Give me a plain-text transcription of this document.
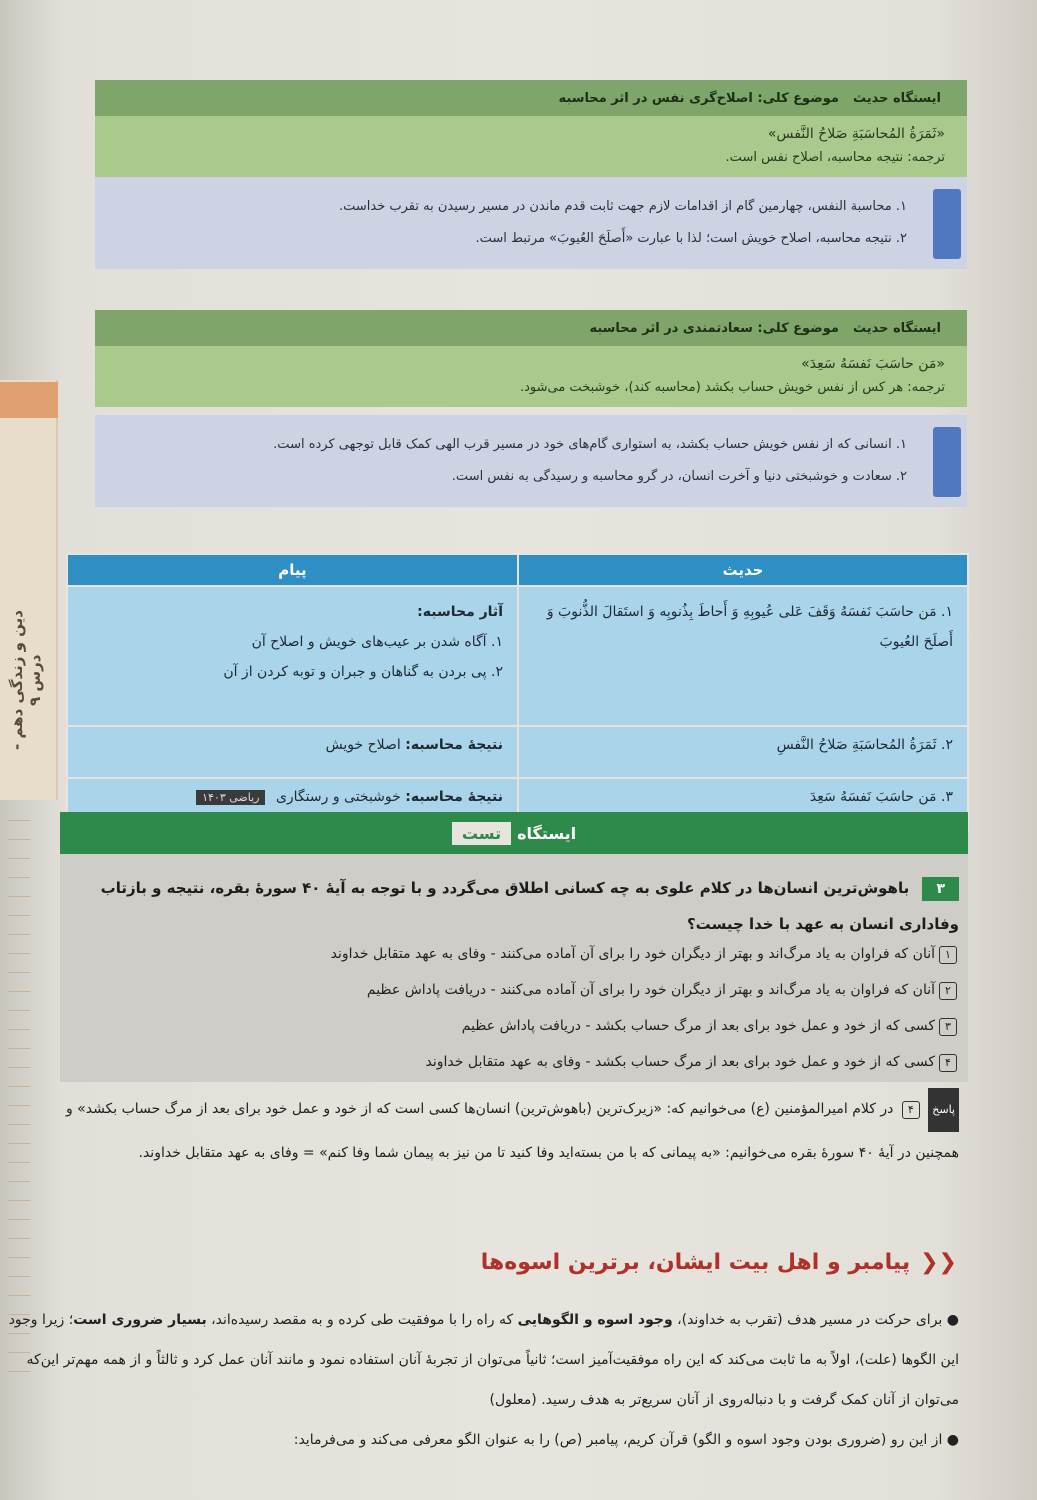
دین و زندگی دهم - درس ۹
ایستگاه حدیث
موضوع کلی: اصلاح‌گری نفس در اثر محاسبه
«ثَمَرَةُ المُحاسَبَةِ صَلاحُ النَّفس»
ترجمه: نتیجه محاسبه، اصلاح نفس است.
۱. محاسبة النفس، چهارمین گام از اقدامات لازم جهت ثابت قدم ماندن در مسیر رسیدن به تقرب خداست.
۲. نتیجه محاسبه، اصلاح خویش است؛ لذا با عبارت «أَصلَحَ العُیوبَ» مرتبط است.
ایستگاه حدیث
موضوع کلی: سعادتمندی در اثر محاسبه
«مَن حاسَبَ نَفسَهُ سَعِدَ»
ترجمه: هر کس از نفس خویش حساب بکشد (محاسبه کند)، خوشبخت می‌شود.
۱. انسانی که از نفس خویش حساب بکشد، به استواری گام‌های خود در مسیر قرب الهی کمک قابل توجهی کرده است.
۲. سعادت و خوشبختی دنیا و آخرت انسان، در گرو محاسبه و رسیدگی به نفس است.
حدیث	پیام
۱. مَن حاسَبَ نَفسَهُ وَقَفَ عَلی عُیوبِهِ وَ أَحاطَ بِذُنوبِه وَ استَقالَ الذُّنوبَ وَ أَصلَحَ العُیوبَ	آثار محاسبه:
۱. آگاه شدن بر عیب‌های خویش و اصلاح آن
۲. پی بردن به گناهان و جبران و توبه کردن از آن

۲. ثَمَرَةُ المُحاسَبَةِ صَلاحُ النَّفسِ	نتیجهٔ محاسبه: اصلاح خویش
۳. مَن حاسَبَ نَفسَهُ سَعِدَ	نتیجهٔ محاسبه: خوشبختی و رستگاری ریاضی ۱۴۰۳
ایستگاه
تست
۳ باهوش‌ترین انسان‌ها در کلام علوی به چه کسانی اطلاق می‌گردد و با توجه به آیهٔ ۴۰ سورهٔ بقره، نتیجه و بازتاب وفاداری انسان به عهد با خدا چیست؟
۱آنان که فراوان به یاد مرگ‌اند و بهتر از دیگران خود را برای آن آماده می‌کنند - وفای به عهد متقابل خداوند
۲آنان که فراوان به یاد مرگ‌اند و بهتر از دیگران خود را برای آن آماده می‌کنند - دریافت پاداش عظیم
۳کسی که از خود و عمل خود برای بعد از مرگ حساب بکشد - دریافت پاداش عظیم
۴کسی که از خود و عمل خود برای بعد از مرگ حساب بکشد - وفای به عهد متقابل خداوند
پاسخ ۴ در کلام امیرالمؤمنین (ع) می‌خوانیم که: «زیرک‌ترین (باهوش‌ترین) انسان‌ها کسی است که از خود و عمل خود برای بعد از مرگ حساب بکشد» و همچنین در آیهٔ ۴۰ سورهٔ بقره می‌خوانیم: «به پیمانی که با من بسته‌اید وفا کنید تا من نیز به پیمان شما وفا کنم» = وفای به عهد متقابل خداوند.
❮❮پیامبر و اهل بیت ایشان، برترین اسوه‌ها
● برای حرکت در مسیر هدف (تقرب به خداوند)، وجود اسوه و الگوهایی که راه را با موفقیت طی کرده و به مقصد رسیده‌اند، بسیار ضروری است؛ زیرا وجود این الگوها (علت)، اولاً به ما ثابت می‌کند که این راه موفقیت‌آمیز است؛ ثانیاً می‌توان از تجربهٔ آنان استفاده نمود و مانند آنان عمل کرد و ثالثاً و از همه مهم‌تر این‌که می‌توان از آنان کمک گرفت و با دنباله‌روی از آنان سریع‌تر به هدف رسید. (معلول)
● از این رو (ضروری بودن وجود اسوه و الگو) قرآن کریم، پیامبر (ص) را به عنوان الگو معرفی می‌کند و می‌فرماید:
